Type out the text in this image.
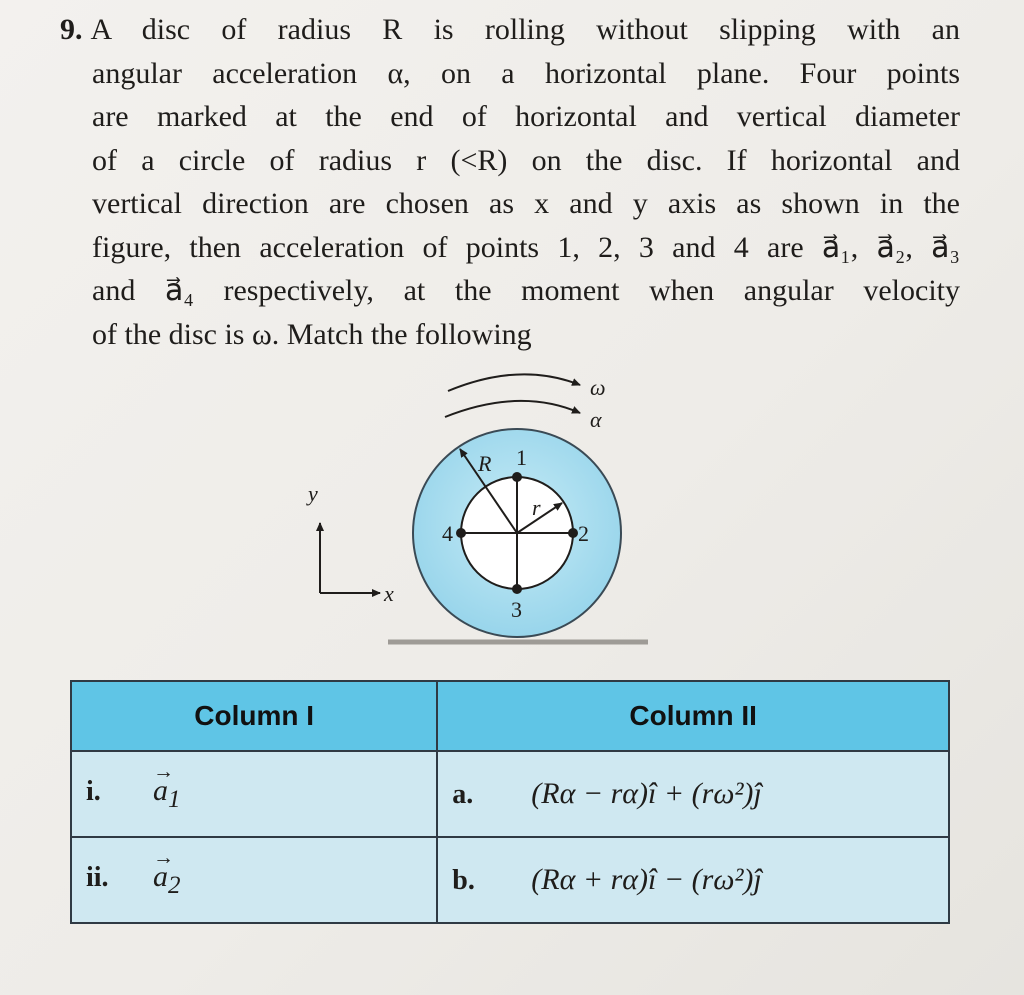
9. A disc of radius R is rolling without slipping with an
angular acceleration α, on a horizontal plane. Four points
are marked at the end of horizontal and vertical diameter
of a circle of radius r (<R) on the disc. If horizontal and
vertical direction are chosen as x and y axis as shown in the
figure, then acceleration of points 1, 2, 3 and 4 are a⃗₁, a⃗₂, a⃗₃
and a⃗₄ respectively, at the moment when angular velocity
of the disc is ω. Match the following
ω
α
R
r
1
2
3
4
y
x
Column I	Column II
i. → $a_1$	a. (Rα − rα)î + (rω²)ĵ
ii. → $a_2$	b. (Rα + rα)î − (rω²)ĵ
